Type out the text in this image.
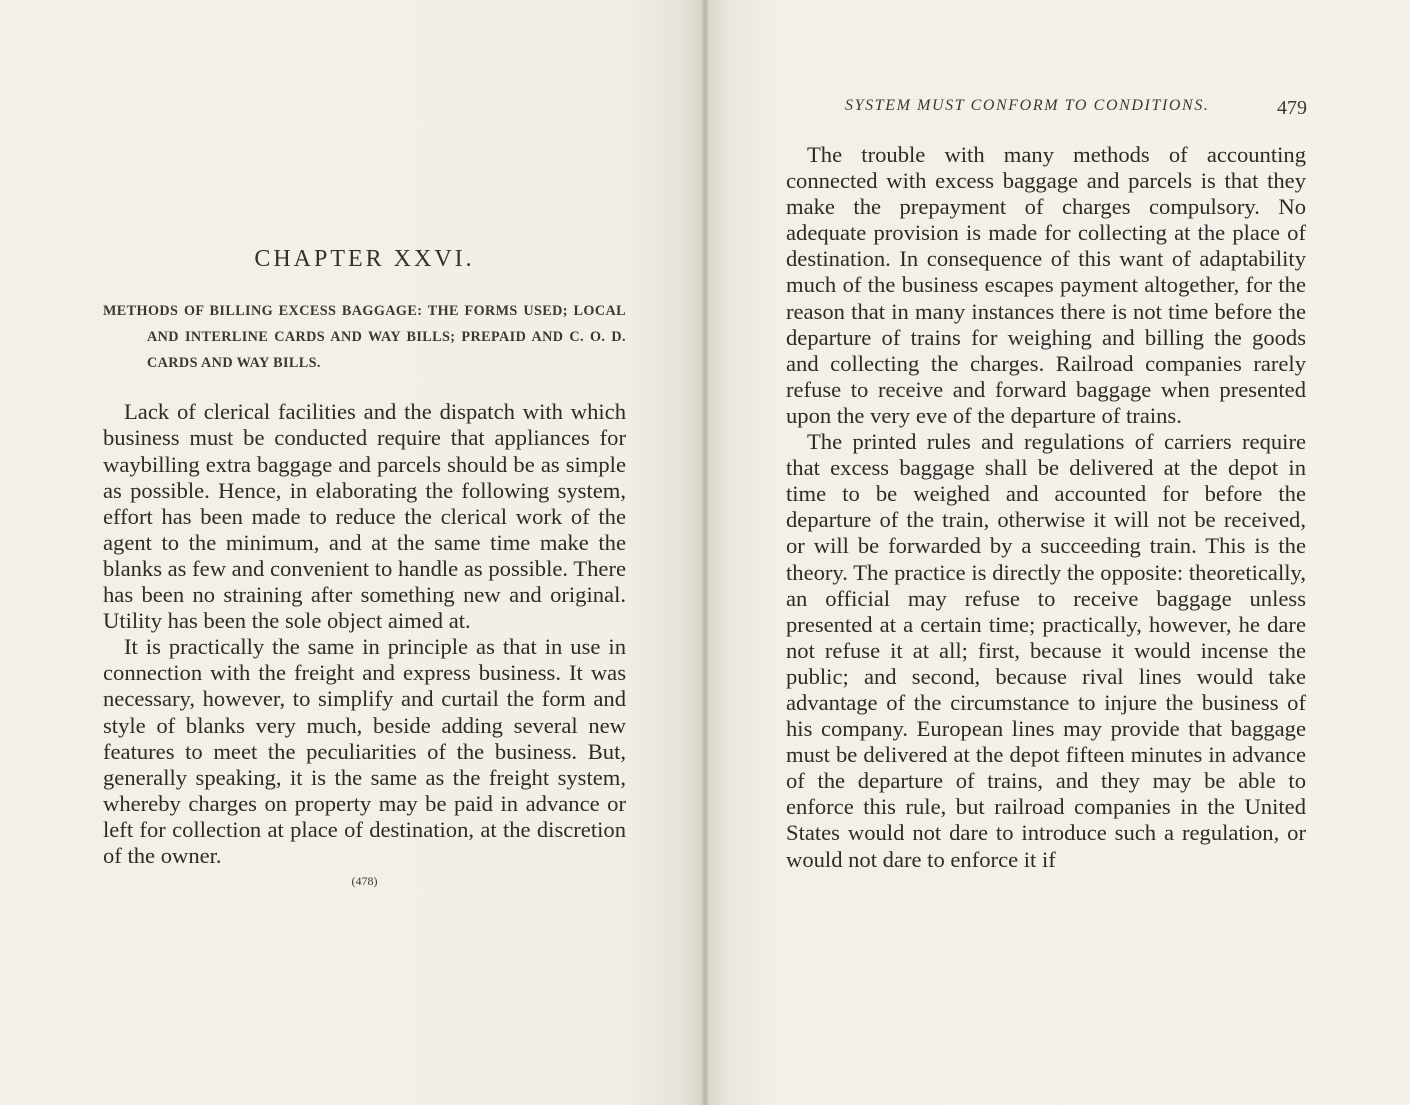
CHAPTER XXVI.
METHODS OF BILLING EXCESS BAGGAGE: THE FORMS USED; LOCAL AND INTERLINE CARDS AND WAY BILLS; PREPAID AND C. O. D. CARDS AND WAY BILLS.

Lack of clerical facilities and the dispatch with which business must be conducted require that appliances for waybilling extra baggage and parcels should be as simple as possible. Hence, in elaborating the following system, effort has been made to reduce the clerical work of the agent to the minimum, and at the same time make the blanks as few and convenient to handle as possible. There has been no straining after something new and original. Utility has been the sole object aimed at.

It is practically the same in principle as that in use in connection with the freight and express business. It was necessary, however, to simplify and curtail the form and style of blanks very much, beside adding several new features to meet the peculiarities of the business. But, generally speaking, it is the same as the freight system, whereby charges on property may be paid in advance or left for collection at place of destination, at the discretion of the owner.

(478)
SYSTEM MUST CONFORM TO CONDITIONS.	479

The trouble with many methods of accounting connected with excess baggage and parcels is that they make the prepayment of charges compulsory. No adequate provision is made for collecting at the place of destination. In consequence of this want of adaptability much of the business escapes payment altogether, for the reason that in many instances there is not time before the departure of trains for weighing and billing the goods and collecting the charges. Railroad companies rarely refuse to receive and forward baggage when presented upon the very eve of the departure of trains.

The printed rules and regulations of carriers require that excess baggage shall be delivered at the depot in time to be weighed and accounted for before the departure of the train, otherwise it will not be received, or will be forwarded by a succeeding train. This is the theory. The practice is directly the opposite: theoretically, an official may refuse to receive baggage unless presented at a certain time; practically, however, he dare not refuse it at all; first, because it would incense the public; and second, because rival lines would take advantage of the circumstance to injure the business of his company. European lines may provide that baggage must be delivered at the depot fifteen minutes in advance of the departure of trains, and they may be able to enforce this rule, but railroad companies in the United States would not dare to introduce such a regulation, or would not dare to enforce it if
